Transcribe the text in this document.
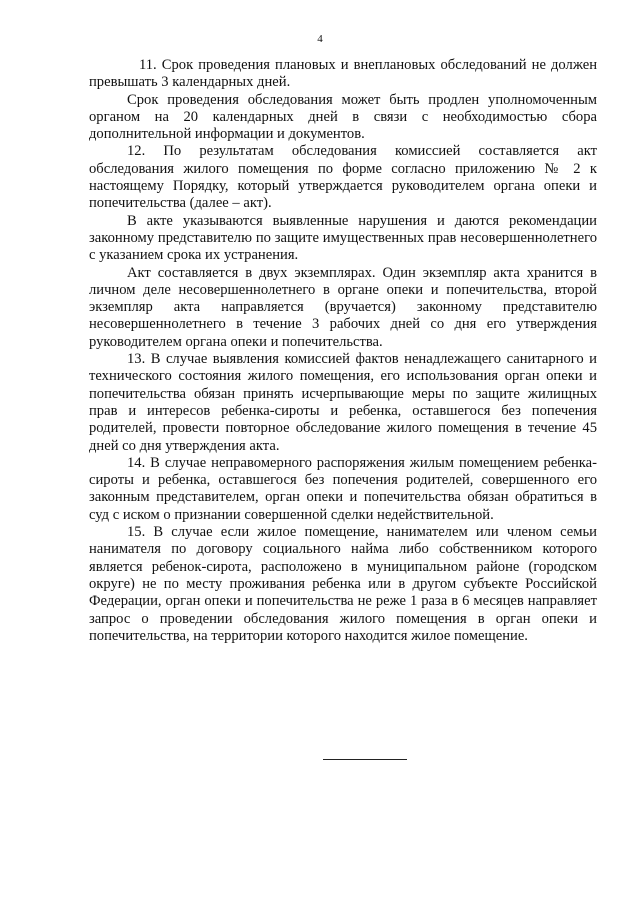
4

11. Срок проведения плановых и внеплановых обследований не должен превышать 3 календарных дней.

Срок проведения обследования может быть продлен уполномоченным органом на 20 календарных дней в связи с необходимостью сбора дополнительной информации и документов.

12. По результатам обследования комиссией составляется акт обследования жилого помещения по форме согласно приложению № 2 к настоящему Порядку, который утверждается руководителем органа опеки и попечительства (далее – акт).

В акте указываются выявленные нарушения и даются рекомендации законному представителю по защите имущественных прав несовершеннолетнего с указанием срока их устранения.

Акт составляется в двух экземплярах. Один экземпляр акта хранится в личном деле несовершеннолетнего в органе опеки и попечительства, второй экземпляр акта направляется (вручается) законному представителю несовершеннолетнего в течение 3 рабочих дней со дня его утверждения руководителем органа опеки и попечительства.

13. В случае выявления комиссией фактов ненадлежащего санитарного и технического состояния жилого помещения, его использования орган опеки и попечительства обязан принять исчерпывающие меры по защите жилищных прав и интересов ребенка-сироты и ребенка, оставшегося без попечения родителей, провести повторное обследование жилого помещения в течение 45 дней со дня утверждения акта.

14. В случае неправомерного распоряжения жилым помещением ребенка-сироты и ребенка, оставшегося без попечения родителей, совершенного его законным представителем, орган опеки и попечительства обязан обратиться в суд с иском о признании совершенной сделки недействительной.

15. В случае если жилое помещение, нанимателем или членом семьи нанимателя по договору социального найма либо собственником которого является ребенок-сирота, расположено в муниципальном районе (городском округе) не по месту проживания ребенка или в другом субъекте Российской Федерации, орган опеки и попечительства не реже 1 раза в 6 месяцев направляет запрос о проведении обследования жилого помещения в орган опеки и попечительства, на территории которого находится жилое помещение.
